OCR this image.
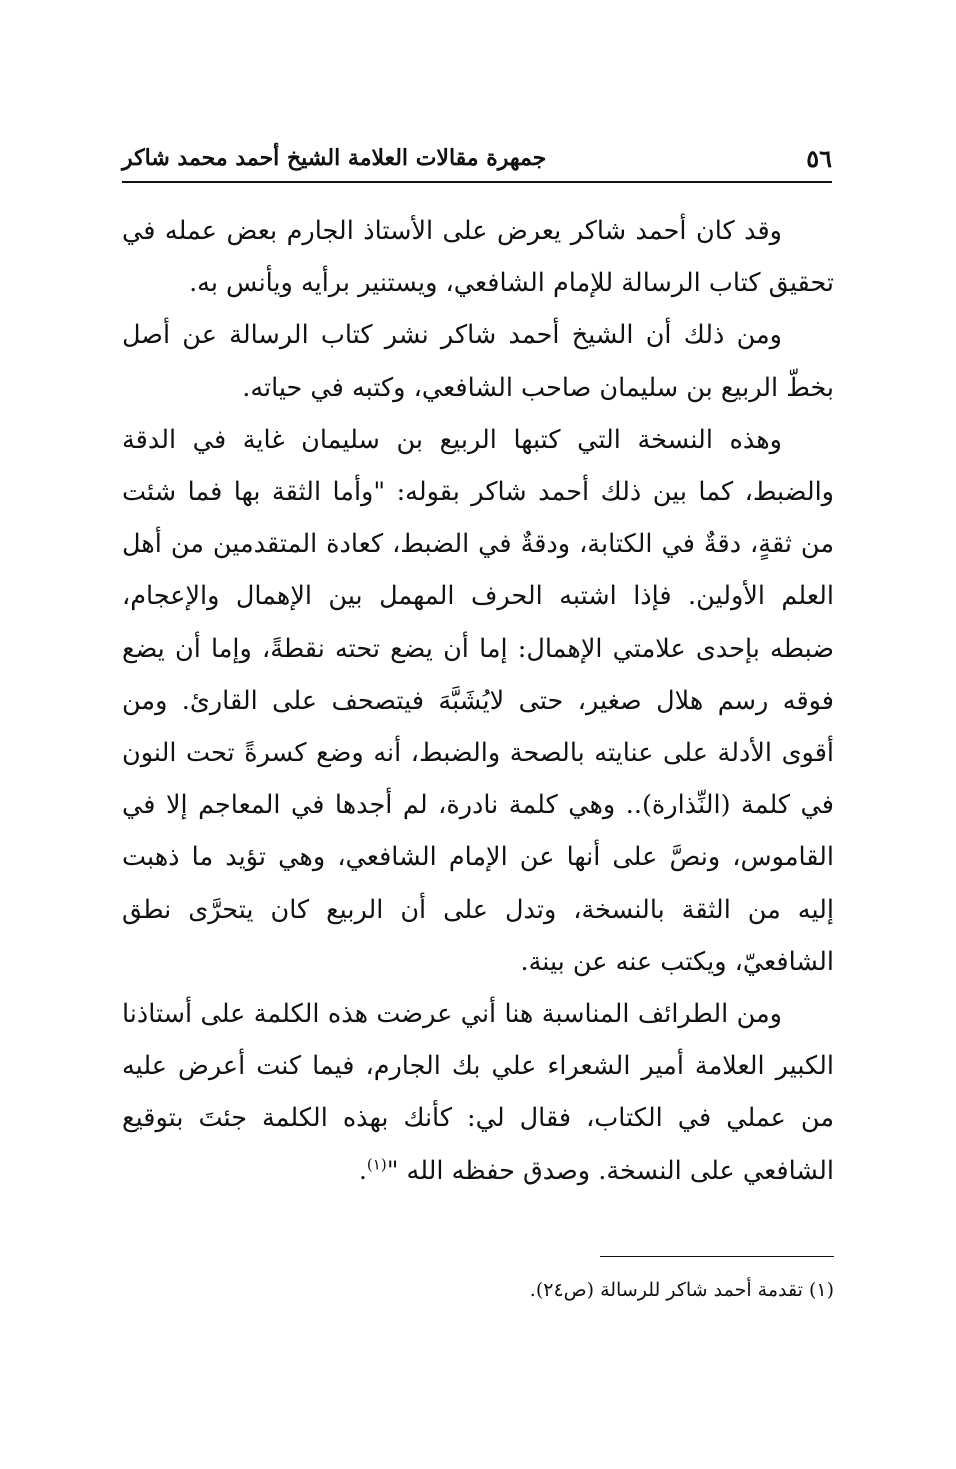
٥٦
جمهرة مقالات العلامة الشيخ أحمد محمد شاكر

وقد كان أحمد شاكر يعرض على الأستاذ الجارم بعض عمله في تحقيق كتاب الرسالة للإمام الشافعي، ويستنير برأيه ويأنس به.

ومن ذلك أن الشيخ أحمد شاكر نشر كتاب الرسالة عن أصل بخطّ الربيع بن سليمان صاحب الشافعي، وكتبه في حياته.

وهذه النسخة التي كتبها الربيع بن سليمان غاية في الدقة والضبط، كما بين ذلك أحمد شاكر بقوله: "وأما الثقة بها فما شئت من ثقةٍ، دقةٌ في الكتابة، ودقةٌ في الضبط، كعادة المتقدمين من أهل العلم الأولين. فإذا اشتبه الحرف المهمل بين الإهمال والإعجام، ضبطه بإحدى علامتي الإهمال: إما أن يضع تحته نقطةً، وإما أن يضع فوقه رسم هلال صغير، حتى لايُشَبَّهَ فيتصحف على القارئ. ومن أقوى الأدلة على عنايته بالصحة والضبط، أنه وضع كسرةً تحت النون في كلمة (النِّذارة).. وهي كلمة نادرة، لم أجدها في المعاجم إلا في القاموس، ونصَّ على أنها عن الإمام الشافعي، وهي تؤيد ما ذهبت إليه من الثقة بالنسخة، وتدل على أن الربيع كان يتحرَّى نطق الشافعيّ، ويكتب عنه عن بينة.

ومن الطرائف المناسبة هنا أني عرضت هذه الكلمة على أستاذنا الكبير العلامة أمير الشعراء علي بك الجارم، فيما كنت أعرض عليه من عملي في الكتاب، فقال لي: كأنك بهذه الكلمة جئتَ بتوقيع الشافعي على النسخة. وصدق حفظه الله "$^{(١)}$.

(١) تقدمة أحمد شاكر للرسالة (ص٢٤).
